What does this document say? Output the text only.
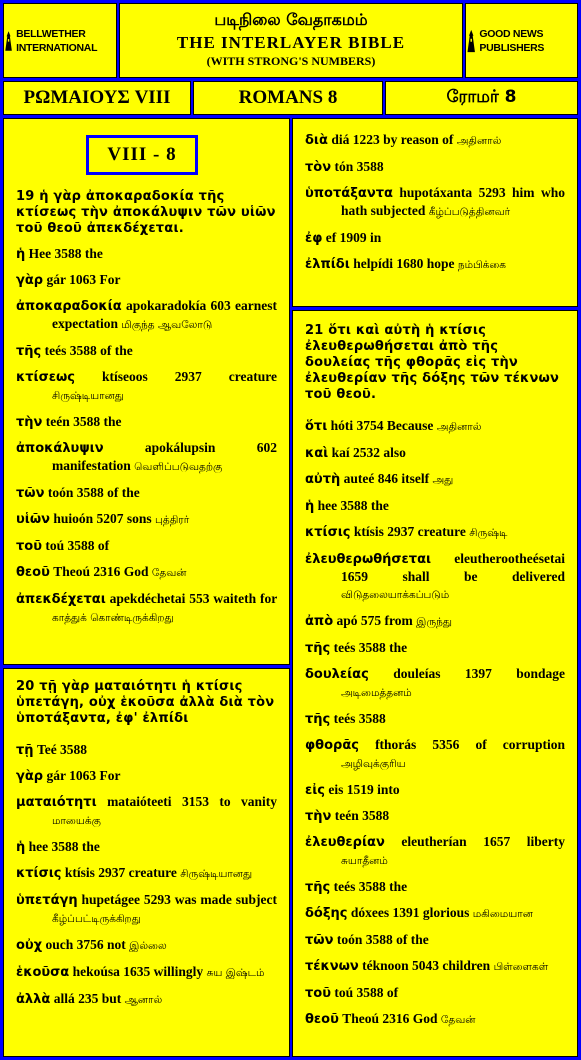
BELLWETHER INTERNATIONAL
படிநிலை வேதாகமம்
THE INTERLAYER BIBLE
(WITH STRONG'S NUMBERS)
GOOD NEWS PUBLISHERS
ΡΩΜΑΙΟΥΣ VIII	ROMANS 8	ரோமர் 8
VIII - 8
19 ἡ γὰρ ἀποκαραδοκία τῆς κτίσεως τὴν ἀποκάλυψιν τῶν υἱῶν τοῦ θεοῦ ἀπεκδέχεται.
ἡ Hee 3588 the
γὰρ gár 1063 For
ἀποκαραδοκία apokaradokía 603 earnest expectation மிகுந்த ஆவலோடு
τῆς teés 3588 of the
κτίσεως ktíseoos 2937 creature சிருஷ்டியானது
τὴν teén 3588 the
ἀποκάλυψιν	apokálupsin 602 manifestation வெளிப்படுவதற்கு
τῶν toón 3588 of the
υἱῶν huioón 5207 sons புத்திரர்
τοῦ toú 3588 of
θεοῦ Theoú 2316 God தேவன்
ἀπεκδέχεται apekdéchetai 553 waiteth for காத்துக் கொண்டிருக்கிறது
20 τῇ γὰρ ματαιότητι ἡ κτίσις ὑπετάγη, οὐχ ἑκοῦσα ἀλλὰ διὰ τὸν ὑποτάξαντα, ἐφ' ἐλπίδι
τῇ Teé 3588
γὰρ gár 1063 For
ματαιότητι mataióteeti 3153 to vanity மாயைக்கு
ἡ hee 3588 the
κτίσις ktísis 2937 creature சிருஷ்டியானது
ὑπετάγη hupetágee 5293 was made subject கீழ்ப்பட்டிருக்கிறது
οὐχ ouch 3756 not இல்லை
ἑκοῦσα hekoúsa 1635 willingly சுய இஷ்டம்
ἀλλὰ allá 235 but ஆனால்
διὰ diá 1223 by reason of அதினால்
τὸν tón 3588
ὑποτάξαντα hupotáxanta 5293 him who hath subjected கீழ்ப்படுத்தினவர்
ἐφ ef 1909 in
ἐλπίδι helpídi 1680 hope நம்பிக்கை
21 ὅτι καὶ αὐτὴ ἡ κτίσις ἐλευθερωθήσεται ἀπὸ τῆς δουλείας τῆς φθορᾶς εἰς τὴν ἐλευθερίαν τῆς δόξης τῶν τέκνων τοῦ θεοῦ.
ὅτι hóti 3754 Because அதினால்
καὶ kaí 2532 also
αὐτὴ auteé 846 itself அது
ἡ hee 3588 the
κτίσις ktísis 2937 creature சிருஷ்டி
ἐλευθερωθήσεται eleutherootheésetai 1659 shall be delivered விடுதலையாக்கப்படும்
ἀπὸ apó 575 from இருந்து
τῆς teés 3588 the
δουλείας douleías 1397 bondage அடிமைத்தனம்
τῆς teés 3588
φθορᾶς fthorás 5356 of corruption அழிவுக்குரிய
εἰς eis 1519 into
τὴν teén 3588
ἐλευθερίαν eleutherían 1657 liberty சுயாதீனம்
τῆς teés 3588 the
δόξης dóxees 1391 glorious மகிமையான
τῶν toón 3588 of the
τέκνων téknoon 5043 children பிள்ளைகள்
τοῦ toú 3588 of
θεοῦ Theoú 2316 God தேவன்
